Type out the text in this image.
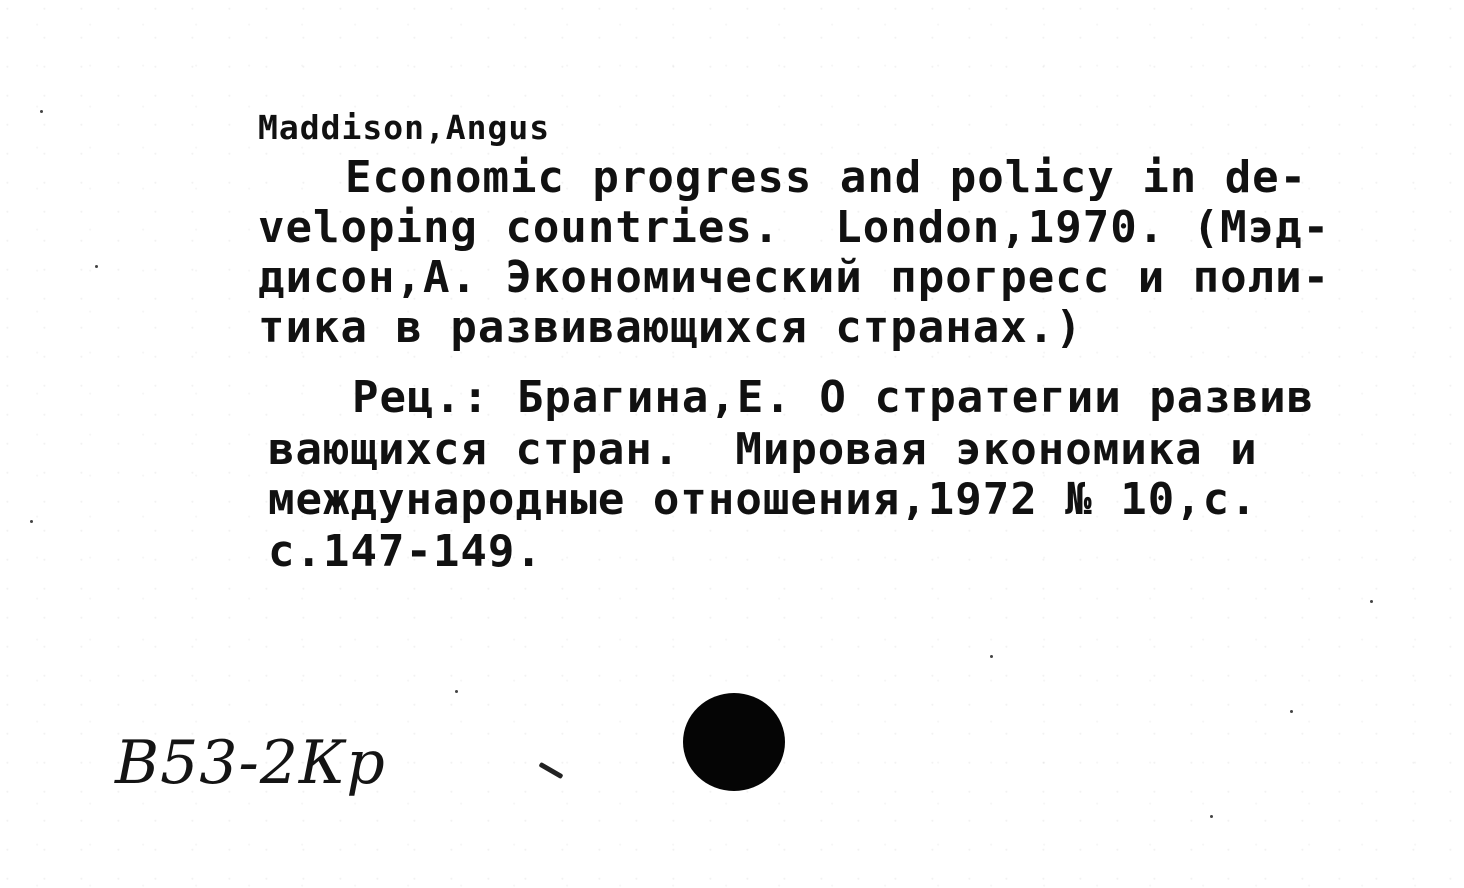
Maddison,Angus
Economic progress and policy in de-
veloping countries.  London,1970. (Мэд-
дисон,А. Экономический прогресс и поли-
тика в развивающихся странах.)
Рец.: Брагина,Е. О стратегии развив
вающихся стран.  Мировая экономика и
международные отношения,1972 № 10,с.
с.147-149.
В53-2Кр
